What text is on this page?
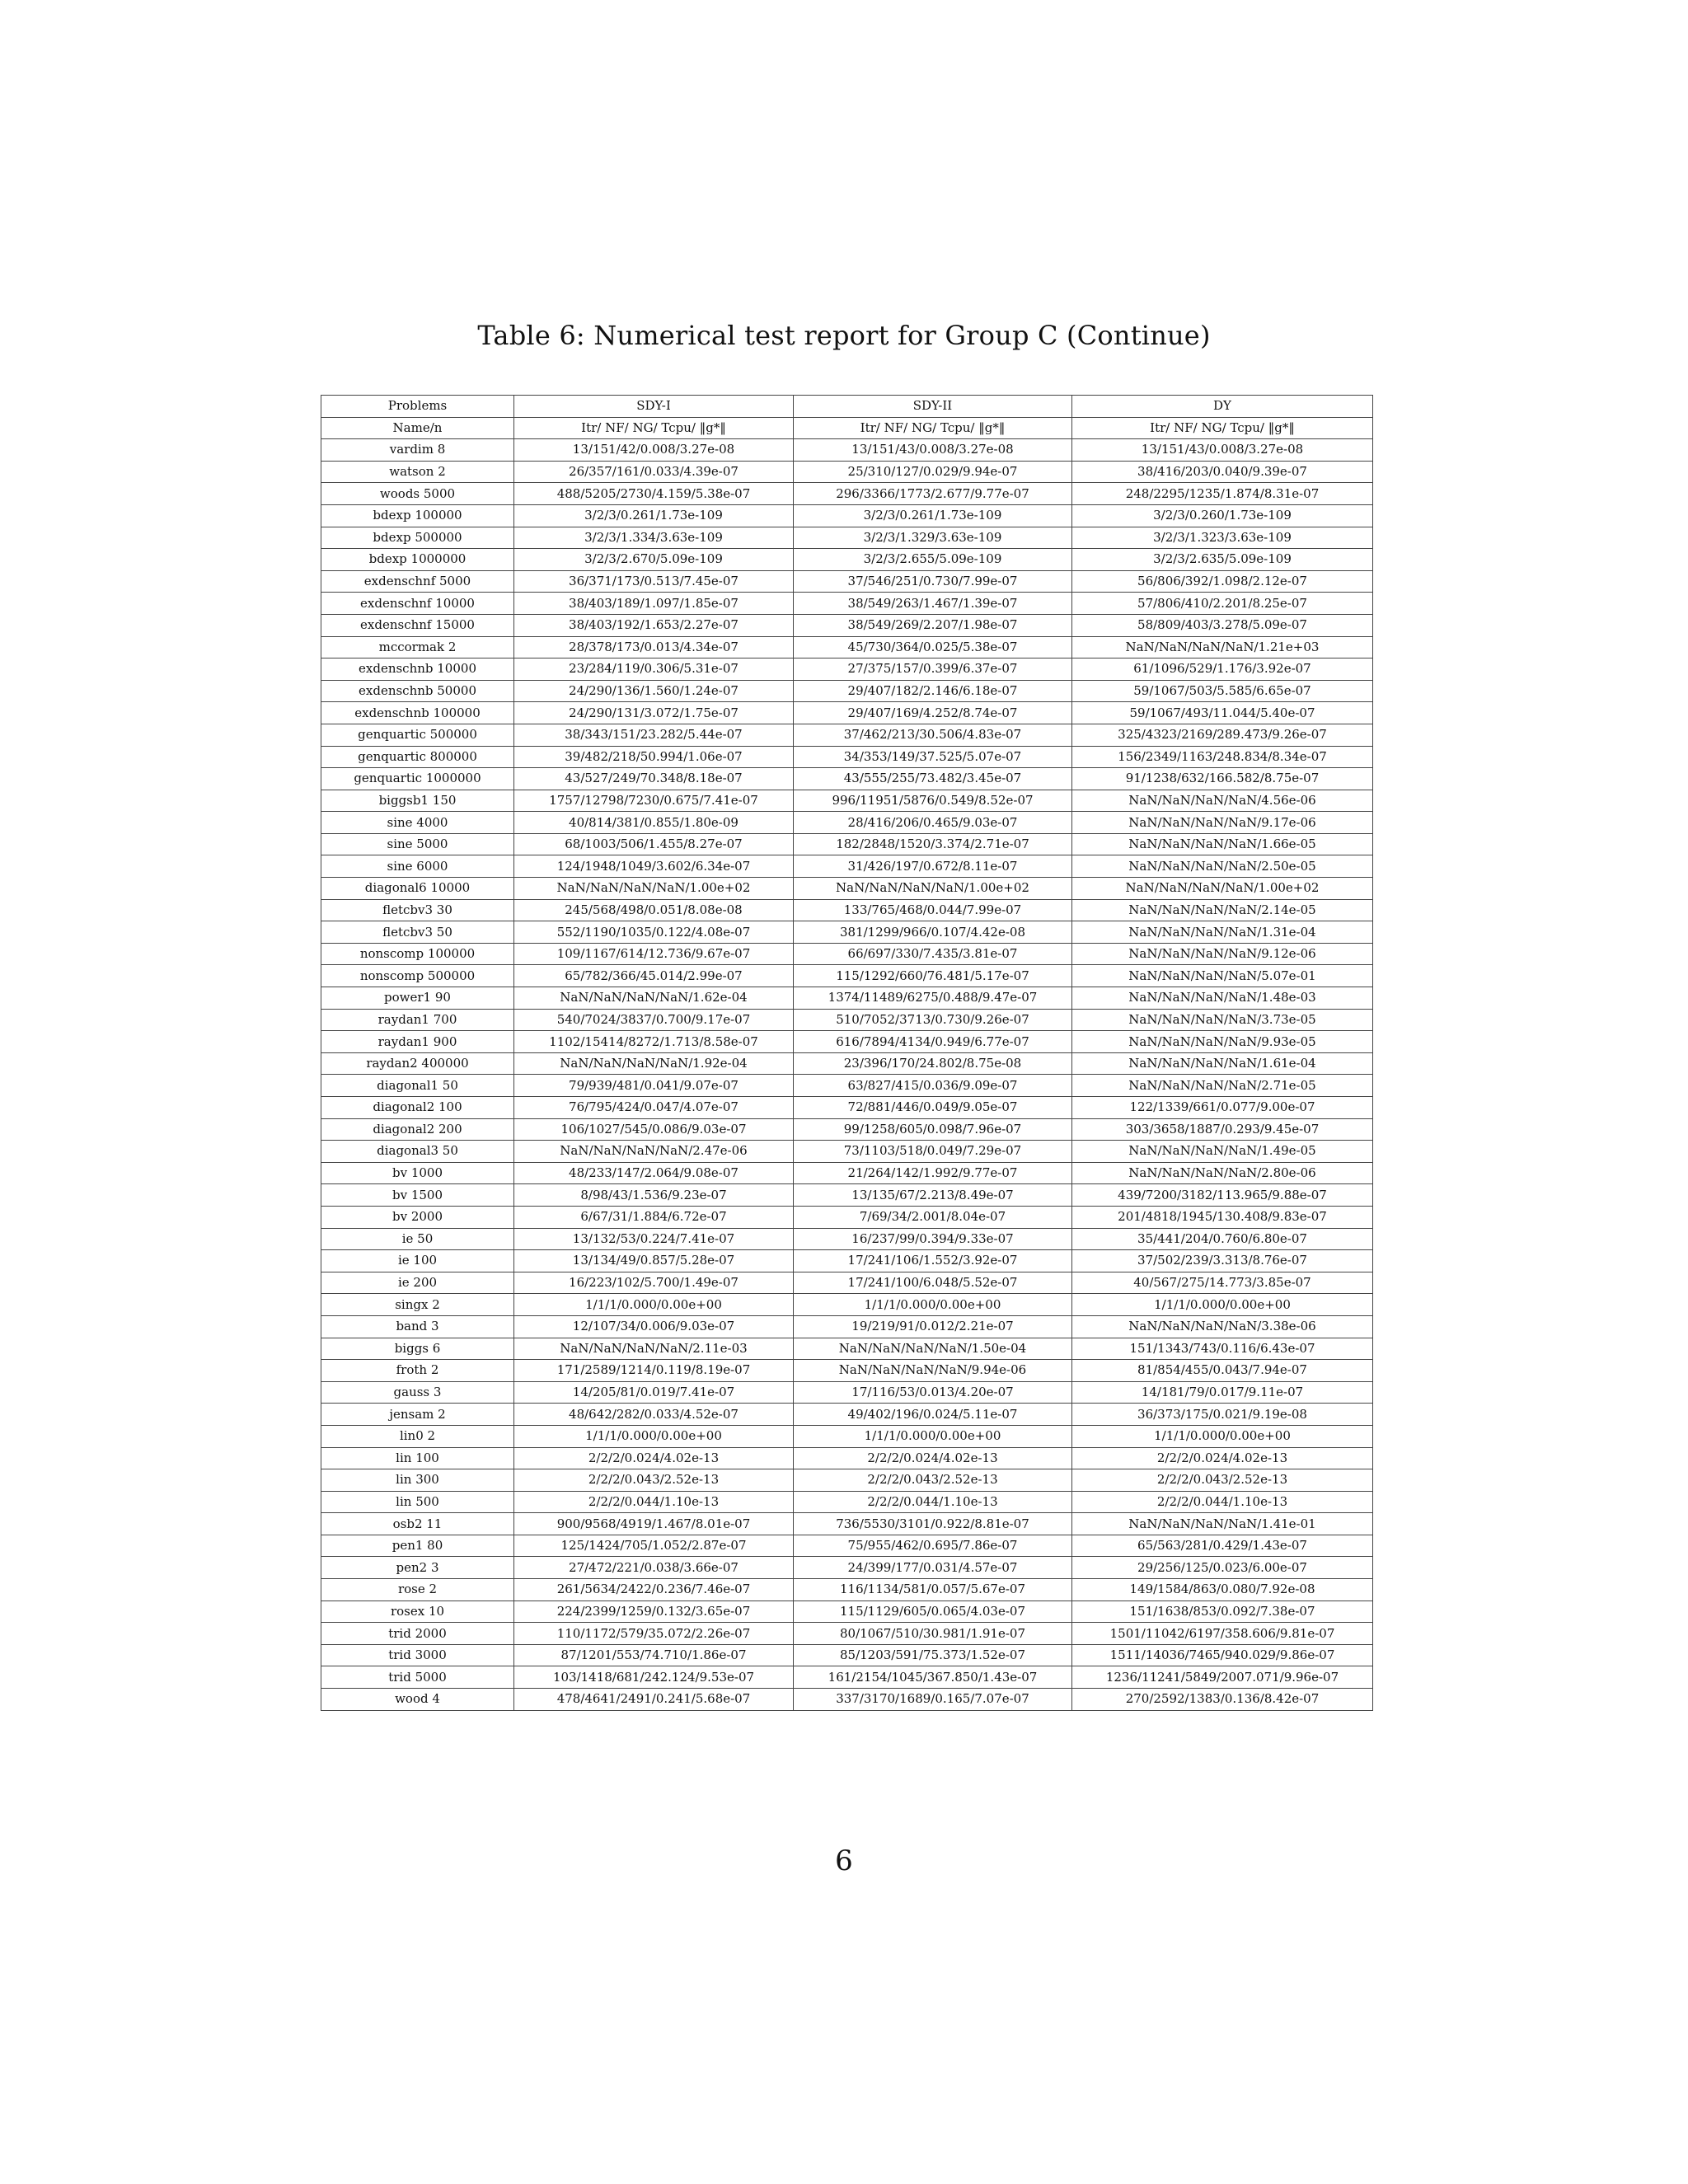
Table 6: Numerical test report for Group C (Continue)
Problems	SDY-I	SDY-II	DY
Name/n	Itr/ NF/ NG/ Tcpu/ ‖g*‖	Itr/ NF/ NG/ Tcpu/ ‖g*‖	Itr/ NF/ NG/ Tcpu/ ‖g*‖
vardim 8	13/151/42/0.008/3.27e-08	13/151/43/0.008/3.27e-08	13/151/43/0.008/3.27e-08
watson 2	26/357/161/0.033/4.39e-07	25/310/127/0.029/9.94e-07	38/416/203/0.040/9.39e-07
woods 5000	488/5205/2730/4.159/5.38e-07	296/3366/1773/2.677/9.77e-07	248/2295/1235/1.874/8.31e-07
bdexp 100000	3/2/3/0.261/1.73e-109	3/2/3/0.261/1.73e-109	3/2/3/0.260/1.73e-109
bdexp 500000	3/2/3/1.334/3.63e-109	3/2/3/1.329/3.63e-109	3/2/3/1.323/3.63e-109
bdexp 1000000	3/2/3/2.670/5.09e-109	3/2/3/2.655/5.09e-109	3/2/3/2.635/5.09e-109
exdenschnf 5000	36/371/173/0.513/7.45e-07	37/546/251/0.730/7.99e-07	56/806/392/1.098/2.12e-07
exdenschnf 10000	38/403/189/1.097/1.85e-07	38/549/263/1.467/1.39e-07	57/806/410/2.201/8.25e-07
exdenschnf 15000	38/403/192/1.653/2.27e-07	38/549/269/2.207/1.98e-07	58/809/403/3.278/5.09e-07
mccormak 2	28/378/173/0.013/4.34e-07	45/730/364/0.025/5.38e-07	NaN/NaN/NaN/NaN/1.21e+03
exdenschnb 10000	23/284/119/0.306/5.31e-07	27/375/157/0.399/6.37e-07	61/1096/529/1.176/3.92e-07
exdenschnb 50000	24/290/136/1.560/1.24e-07	29/407/182/2.146/6.18e-07	59/1067/503/5.585/6.65e-07
exdenschnb 100000	24/290/131/3.072/1.75e-07	29/407/169/4.252/8.74e-07	59/1067/493/11.044/5.40e-07
genquartic 500000	38/343/151/23.282/5.44e-07	37/462/213/30.506/4.83e-07	325/4323/2169/289.473/9.26e-07
genquartic 800000	39/482/218/50.994/1.06e-07	34/353/149/37.525/5.07e-07	156/2349/1163/248.834/8.34e-07
genquartic 1000000	43/527/249/70.348/8.18e-07	43/555/255/73.482/3.45e-07	91/1238/632/166.582/8.75e-07
biggsb1 150	1757/12798/7230/0.675/7.41e-07	996/11951/5876/0.549/8.52e-07	NaN/NaN/NaN/NaN/4.56e-06
sine 4000	40/814/381/0.855/1.80e-09	28/416/206/0.465/9.03e-07	NaN/NaN/NaN/NaN/9.17e-06
sine 5000	68/1003/506/1.455/8.27e-07	182/2848/1520/3.374/2.71e-07	NaN/NaN/NaN/NaN/1.66e-05
sine 6000	124/1948/1049/3.602/6.34e-07	31/426/197/0.672/8.11e-07	NaN/NaN/NaN/NaN/2.50e-05
diagonal6 10000	NaN/NaN/NaN/NaN/1.00e+02	NaN/NaN/NaN/NaN/1.00e+02	NaN/NaN/NaN/NaN/1.00e+02
fletcbv3 30	245/568/498/0.051/8.08e-08	133/765/468/0.044/7.99e-07	NaN/NaN/NaN/NaN/2.14e-05
fletcbv3 50	552/1190/1035/0.122/4.08e-07	381/1299/966/0.107/4.42e-08	NaN/NaN/NaN/NaN/1.31e-04
nonscomp 100000	109/1167/614/12.736/9.67e-07	66/697/330/7.435/3.81e-07	NaN/NaN/NaN/NaN/9.12e-06
nonscomp 500000	65/782/366/45.014/2.99e-07	115/1292/660/76.481/5.17e-07	NaN/NaN/NaN/NaN/5.07e-01
power1 90	NaN/NaN/NaN/NaN/1.62e-04	1374/11489/6275/0.488/9.47e-07	NaN/NaN/NaN/NaN/1.48e-03
raydan1 700	540/7024/3837/0.700/9.17e-07	510/7052/3713/0.730/9.26e-07	NaN/NaN/NaN/NaN/3.73e-05
raydan1 900	1102/15414/8272/1.713/8.58e-07	616/7894/4134/0.949/6.77e-07	NaN/NaN/NaN/NaN/9.93e-05
raydan2 400000	NaN/NaN/NaN/NaN/1.92e-04	23/396/170/24.802/8.75e-08	NaN/NaN/NaN/NaN/1.61e-04
diagonal1 50	79/939/481/0.041/9.07e-07	63/827/415/0.036/9.09e-07	NaN/NaN/NaN/NaN/2.71e-05
diagonal2 100	76/795/424/0.047/4.07e-07	72/881/446/0.049/9.05e-07	122/1339/661/0.077/9.00e-07
diagonal2 200	106/1027/545/0.086/9.03e-07	99/1258/605/0.098/7.96e-07	303/3658/1887/0.293/9.45e-07
diagonal3 50	NaN/NaN/NaN/NaN/2.47e-06	73/1103/518/0.049/7.29e-07	NaN/NaN/NaN/NaN/1.49e-05
bv 1000	48/233/147/2.064/9.08e-07	21/264/142/1.992/9.77e-07	NaN/NaN/NaN/NaN/2.80e-06
bv 1500	8/98/43/1.536/9.23e-07	13/135/67/2.213/8.49e-07	439/7200/3182/113.965/9.88e-07
bv 2000	6/67/31/1.884/6.72e-07	7/69/34/2.001/8.04e-07	201/4818/1945/130.408/9.83e-07
ie 50	13/132/53/0.224/7.41e-07	16/237/99/0.394/9.33e-07	35/441/204/0.760/6.80e-07
ie 100	13/134/49/0.857/5.28e-07	17/241/106/1.552/3.92e-07	37/502/239/3.313/8.76e-07
ie 200	16/223/102/5.700/1.49e-07	17/241/100/6.048/5.52e-07	40/567/275/14.773/3.85e-07
singx 2	1/1/1/0.000/0.00e+00	1/1/1/0.000/0.00e+00	1/1/1/0.000/0.00e+00
band 3	12/107/34/0.006/9.03e-07	19/219/91/0.012/2.21e-07	NaN/NaN/NaN/NaN/3.38e-06
biggs 6	NaN/NaN/NaN/NaN/2.11e-03	NaN/NaN/NaN/NaN/1.50e-04	151/1343/743/0.116/6.43e-07
froth 2	171/2589/1214/0.119/8.19e-07	NaN/NaN/NaN/NaN/9.94e-06	81/854/455/0.043/7.94e-07
gauss 3	14/205/81/0.019/7.41e-07	17/116/53/0.013/4.20e-07	14/181/79/0.017/9.11e-07
jensam 2	48/642/282/0.033/4.52e-07	49/402/196/0.024/5.11e-07	36/373/175/0.021/9.19e-08
lin0 2	1/1/1/0.000/0.00e+00	1/1/1/0.000/0.00e+00	1/1/1/0.000/0.00e+00
lin 100	2/2/2/0.024/4.02e-13	2/2/2/0.024/4.02e-13	2/2/2/0.024/4.02e-13
lin 300	2/2/2/0.043/2.52e-13	2/2/2/0.043/2.52e-13	2/2/2/0.043/2.52e-13
lin 500	2/2/2/0.044/1.10e-13	2/2/2/0.044/1.10e-13	2/2/2/0.044/1.10e-13
osb2 11	900/9568/4919/1.467/8.01e-07	736/5530/3101/0.922/8.81e-07	NaN/NaN/NaN/NaN/1.41e-01
pen1 80	125/1424/705/1.052/2.87e-07	75/955/462/0.695/7.86e-07	65/563/281/0.429/1.43e-07
pen2 3	27/472/221/0.038/3.66e-07	24/399/177/0.031/4.57e-07	29/256/125/0.023/6.00e-07
rose 2	261/5634/2422/0.236/7.46e-07	116/1134/581/0.057/5.67e-07	149/1584/863/0.080/7.92e-08
rosex 10	224/2399/1259/0.132/3.65e-07	115/1129/605/0.065/4.03e-07	151/1638/853/0.092/7.38e-07
trid 2000	110/1172/579/35.072/2.26e-07	80/1067/510/30.981/1.91e-07	1501/11042/6197/358.606/9.81e-07
trid 3000	87/1201/553/74.710/1.86e-07	85/1203/591/75.373/1.52e-07	1511/14036/7465/940.029/9.86e-07
trid 5000	103/1418/681/242.124/9.53e-07	161/2154/1045/367.850/1.43e-07	1236/11241/5849/2007.071/9.96e-07
wood 4	478/4641/2491/0.241/5.68e-07	337/3170/1689/0.165/7.07e-07	270/2592/1383/0.136/8.42e-07
6
